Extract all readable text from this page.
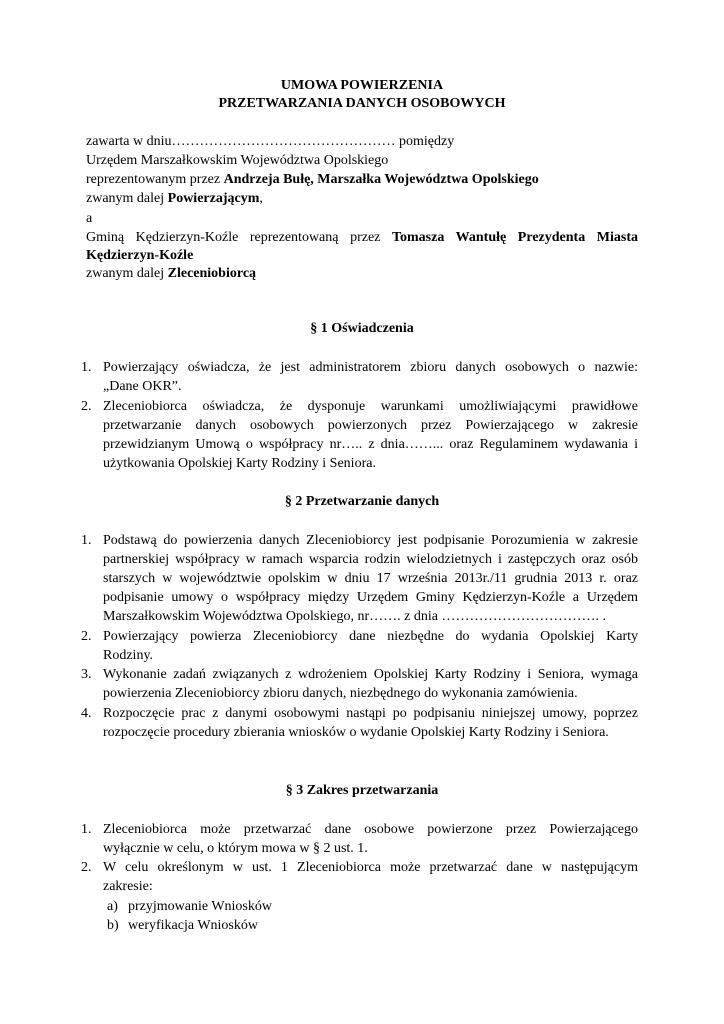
UMOWA POWIERZENIA
PRZETWARZANIA DANYCH OSOBOWYCH
zawarta w dniu………………………………………… pomiędzy
Urzędem Marszałkowskim Województwa Opolskiego
reprezentowanym przez Andrzeja Bułę, Marszałka Województwa Opolskiego
zwanym dalej Powierzającym,
a
Gminą Kędzierzyn-Koźle reprezentowaną przez Tomasza Wantułę Prezydenta Miasta
Kędzierzyn-Koźle
zwanym dalej Zleceniobiorcą
§ 1 Oświadczenia
1. Powierzający oświadcza, że jest administratorem zbioru danych osobowych o nazwie:
„Dane OKR”.
2. Zleceniobiorca oświadcza, że dysponuje warunkami umożliwiającymi prawidłowe
przetwarzanie danych osobowych powierzonych przez Powierzającego w zakresie
przewidzianym Umową o współpracy nr….. z dnia……... oraz Regulaminem wydawania i
użytkowania Opolskiej Karty Rodziny i Seniora.
§ 2 Przetwarzanie danych
1. Podstawą do powierzenia danych Zleceniobiorcy jest podpisanie Porozumienia w zakresie
partnerskiej współpracy w ramach wsparcia rodzin wielodzietnych i zastępczych oraz osób
starszych w województwie opolskim w dniu 17 września 2013r./11 grudnia 2013 r. oraz
podpisanie umowy o współpracy między Urzędem Gminy Kędzierzyn-Koźle a Urzędem
Marszałkowskim Województwa Opolskiego, nr……. z dnia ……………………………. .
2. Powierzający powierza Zleceniobiorcy dane niezbędne do wydania Opolskiej Karty
Rodziny.
3. Wykonanie zadań związanych z wdrożeniem Opolskiej Karty Rodziny i Seniora, wymaga
powierzenia Zleceniobiorcy zbioru danych, niezbędnego do wykonania zamówienia.
4. Rozpoczęcie prac z danymi osobowymi nastąpi po podpisaniu niniejszej umowy, poprzez
rozpoczęcie procedury zbierania wniosków o wydanie Opolskiej Karty Rodziny i Seniora.
§ 3 Zakres przetwarzania
1. Zleceniobiorca może przetwarzać dane osobowe powierzone przez Powierzającego
wyłącznie w celu, o którym mowa w § 2 ust. 1.
2. W celu określonym w ust. 1 Zleceniobiorca może przetwarzać dane w następującym
zakresie:
a) przyjmowanie Wniosków
b) weryfikacja Wniosków
